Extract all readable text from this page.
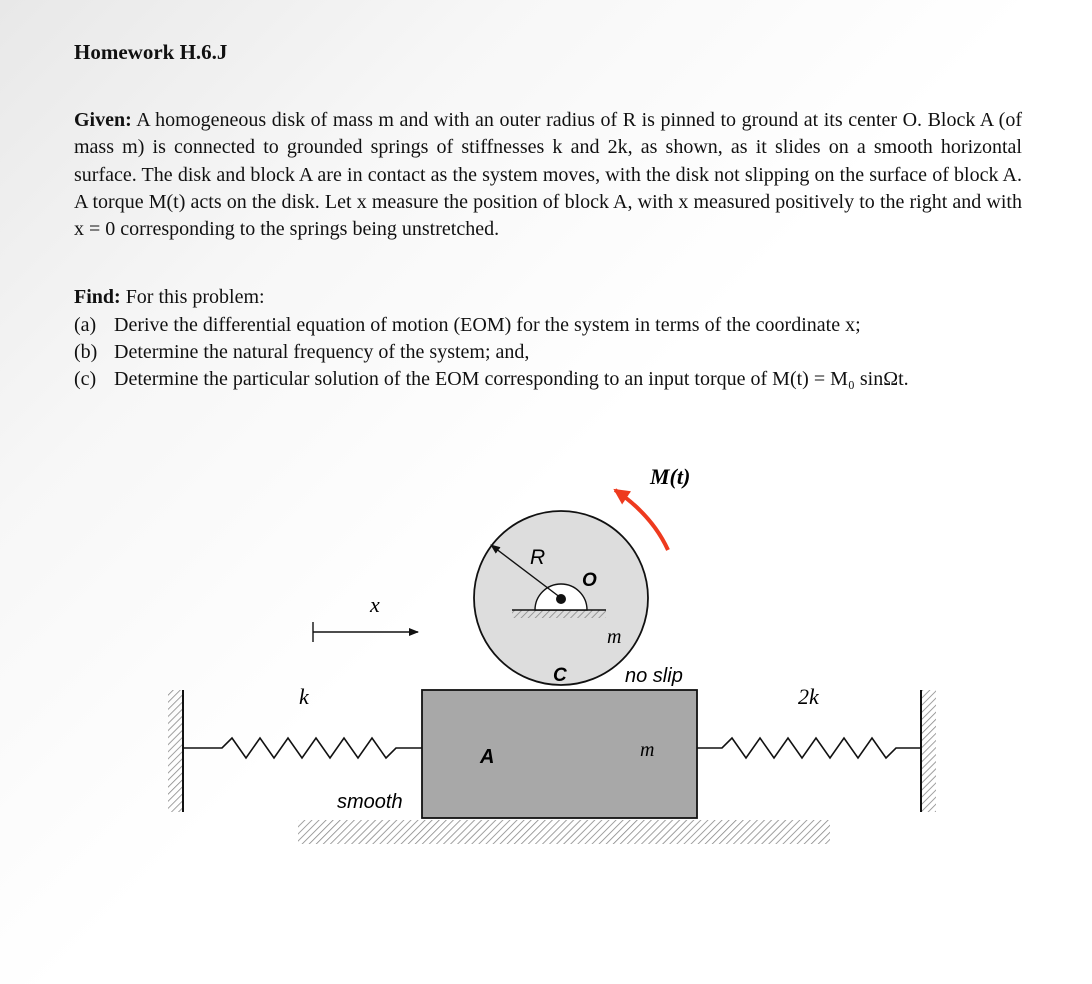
Homework H.6.J

Given: A homogeneous disk of mass m and with an outer radius of R is pinned to ground at its center O. Block A (of mass m) is connected to grounded springs of stiffnesses k and 2k, as shown, as it slides on a smooth horizontal surface. The disk and block A are in contact as the system moves, with the disk not slipping on the surface of block A. A torque M(t) acts on the disk. Let x measure the position of block A, with x measured positively to the right and with x = 0 corresponding to the springs being unstretched.

Find: For this problem:

(a) Derive the differential equation of motion (EOM) for the system in terms of the coordinate x;
(b) Determine the natural frequency of the system; and,
(c) Determine the particular solution of the EOM corresponding to an input torque of M(t) = M₀ sinΩt.
M(t)
R
O
m
C	no slip
A	m
k	2k
x
smooth
